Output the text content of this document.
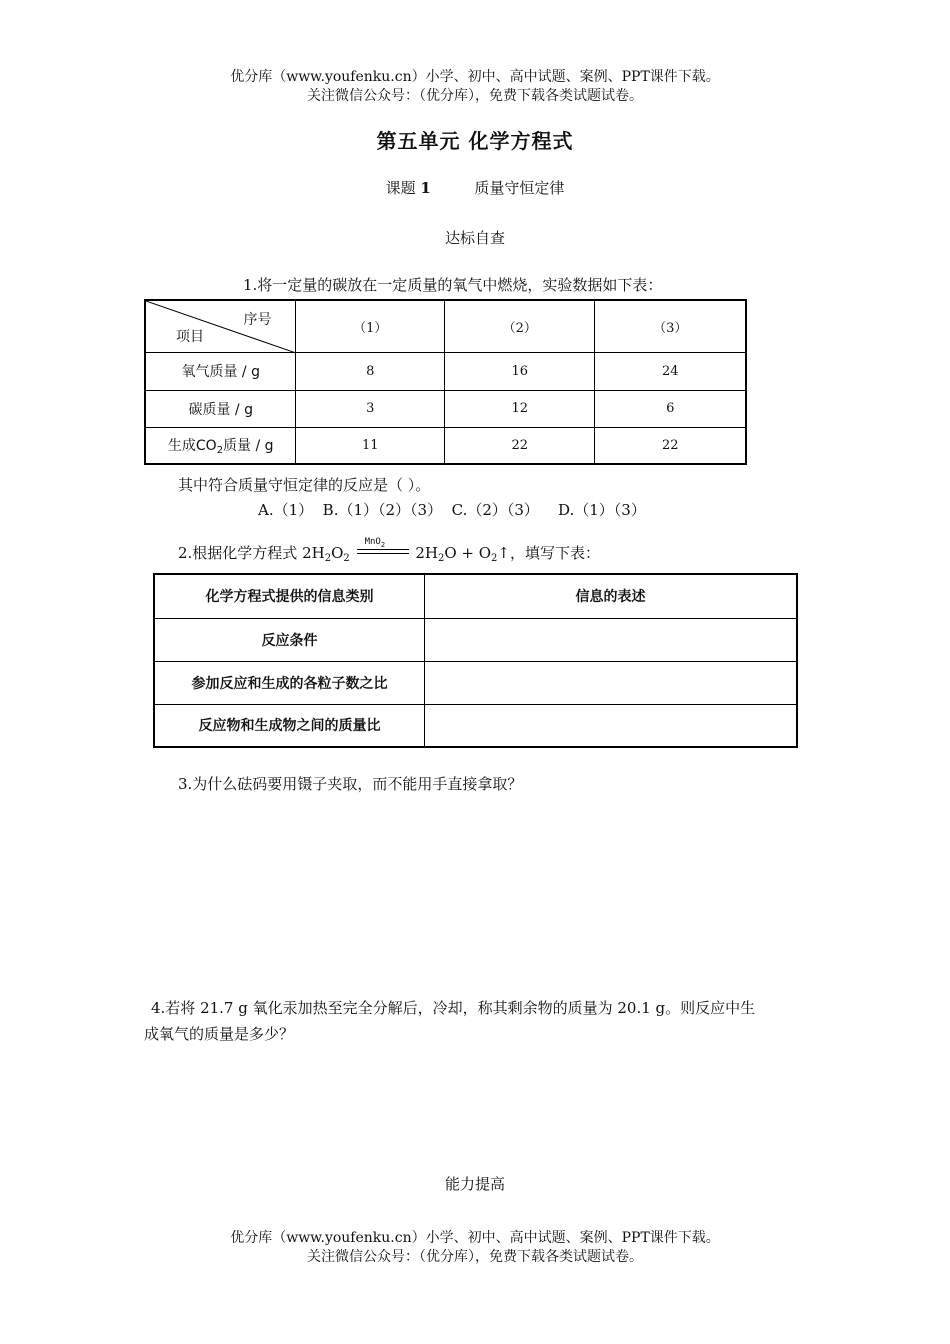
优分库（www.youfenku.cn）小学、初中、高中试题、案例、PPT课件下载。
关注微信公众号：（优分库），免费下载各类试题试卷。
第五单元 化学方程式
课题 1	质量守恒定律
达标自查
1.将一定量的碳放在一定质量的氧气中燃烧，实验数据如下表：
序号
项目	（1）	（2）	（3）
氧气质量 / g	8	16	24
碳质量 / g	3	12	6
生成$CO_2$质量 / g	11	22	22
其中符合质量守恒定律的反应是（ ）。
A.（1）  B.（1）（2）（3）  C.（2）（3）    D.（1）（3）
2.根据化学方程式 $2H_2O_2$
MnO$_2$ $2H_2O$ + $O_2↑$，填写下表：
化学方程式提供的信息类别	信息的表述
反应条件	
参加反应和生成的各粒子数之比	
反应物和生成物之间的质量比	
3.为什么砝码要用镊子夹取，而不能用手直接拿取？
4.若将 21.7 g 氧化汞加热至完全分解后，冷却，称其剩余物的质量为 20.1 g。则反应中生
成氧气的质量是多少？
能力提高
优分库（www.youfenku.cn）小学、初中、高中试题、案例、PPT课件下载。
关注微信公众号：（优分库），免费下载各类试题试卷。
